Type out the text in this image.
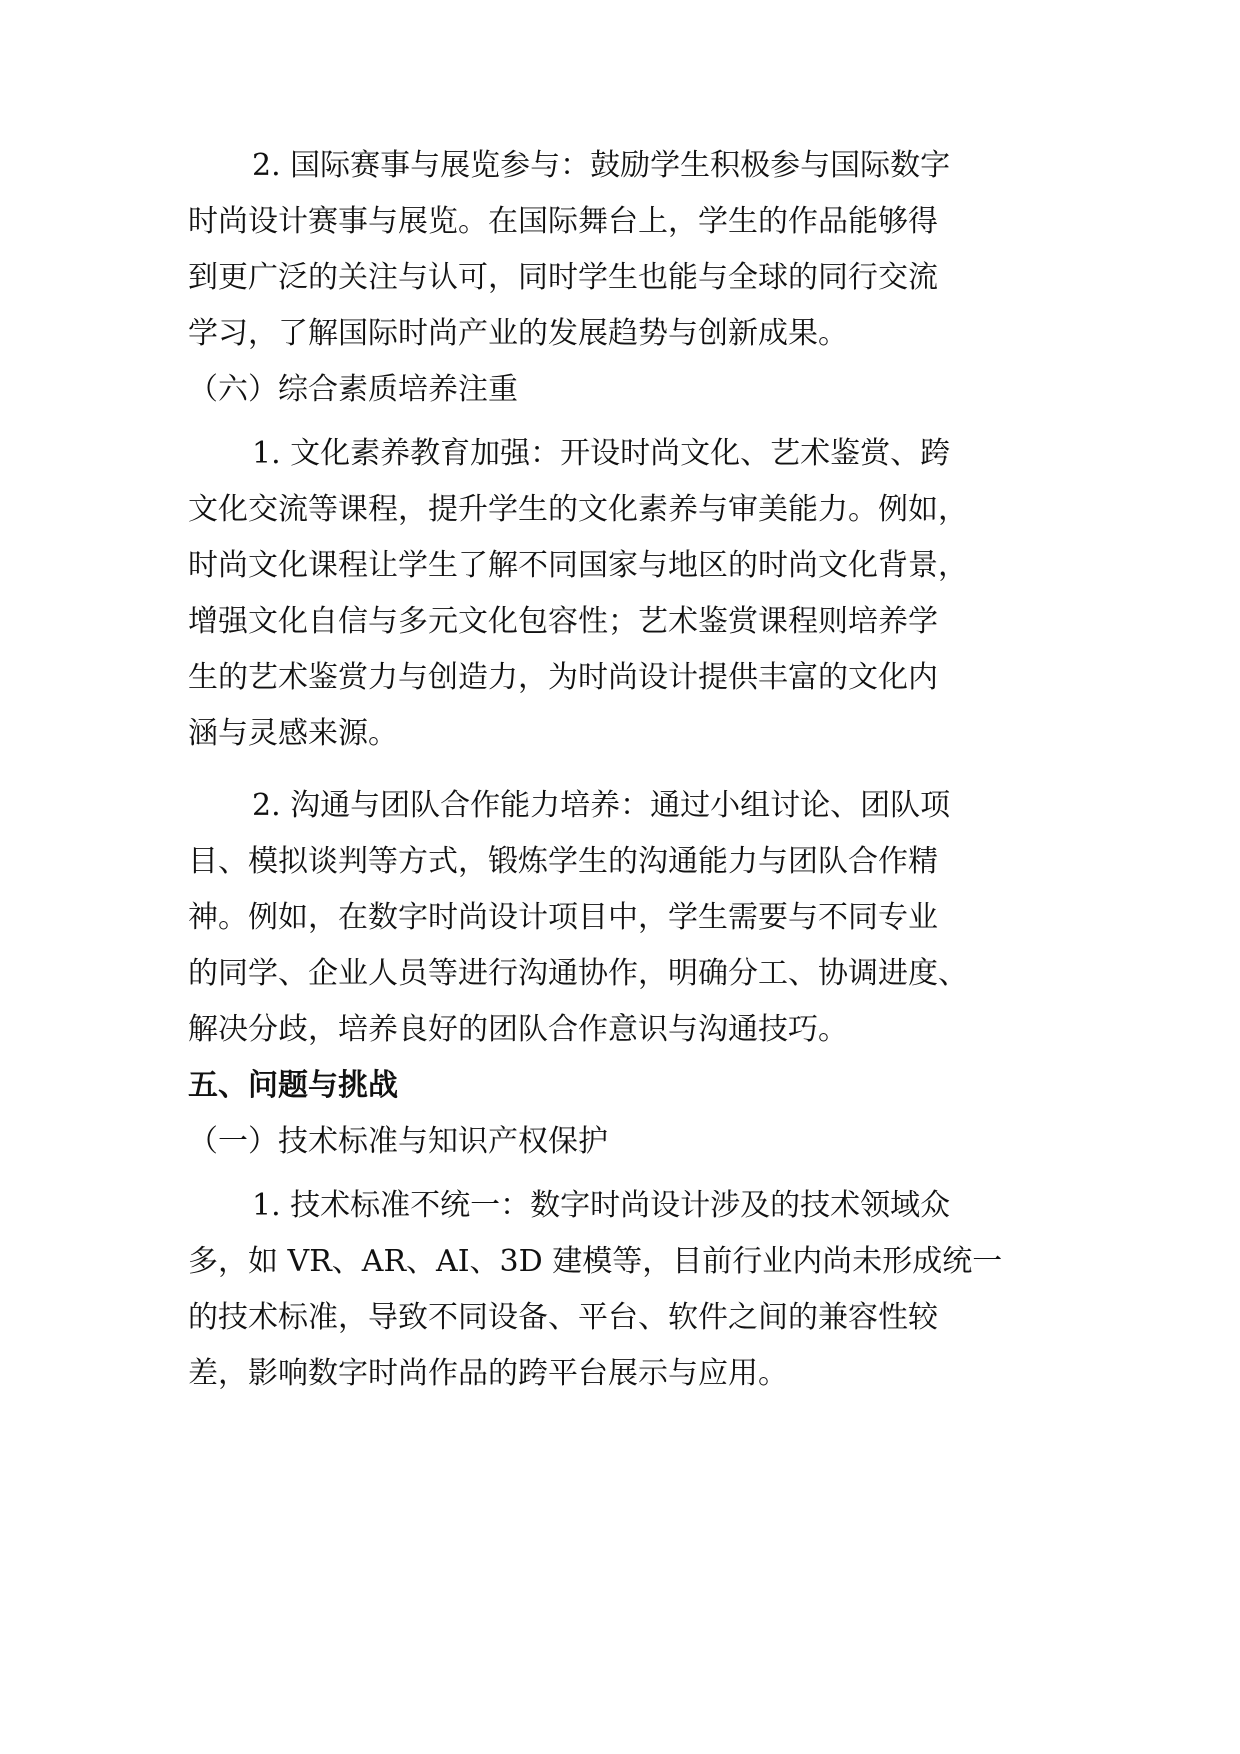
2. 国际赛事与展览参与：鼓励学生积极参与国际数字
时尚设计赛事与展览。在国际舞台上，学生的作品能够得
到更广泛的关注与认可，同时学生也能与全球的同行交流
学习，了解国际时尚产业的发展趋势与创新成果。
（六）综合素质培养注重
1. 文化素养教育加强：开设时尚文化、艺术鉴赏、跨
文化交流等课程，提升学生的文化素养与审美能力。例如，
时尚文化课程让学生了解不同国家与地区的时尚文化背景，
增强文化自信与多元文化包容性；艺术鉴赏课程则培养学
生的艺术鉴赏力与创造力，为时尚设计提供丰富的文化内
涵与灵感来源。
2. 沟通与团队合作能力培养：通过小组讨论、团队项
目、模拟谈判等方式，锻炼学生的沟通能力与团队合作精
神。例如，在数字时尚设计项目中，学生需要与不同专业
的同学、企业人员等进行沟通协作，明确分工、协调进度、
解决分歧，培养良好的团队合作意识与沟通技巧。
五、问题与挑战
（一）技术标准与知识产权保护
1. 技术标准不统一：数字时尚设计涉及的技术领域众
多，如 VR、AR、AI、3D 建模等，目前行业内尚未形成统一
的技术标准，导致不同设备、平台、软件之间的兼容性较
差，影响数字时尚作品的跨平台展示与应用。
